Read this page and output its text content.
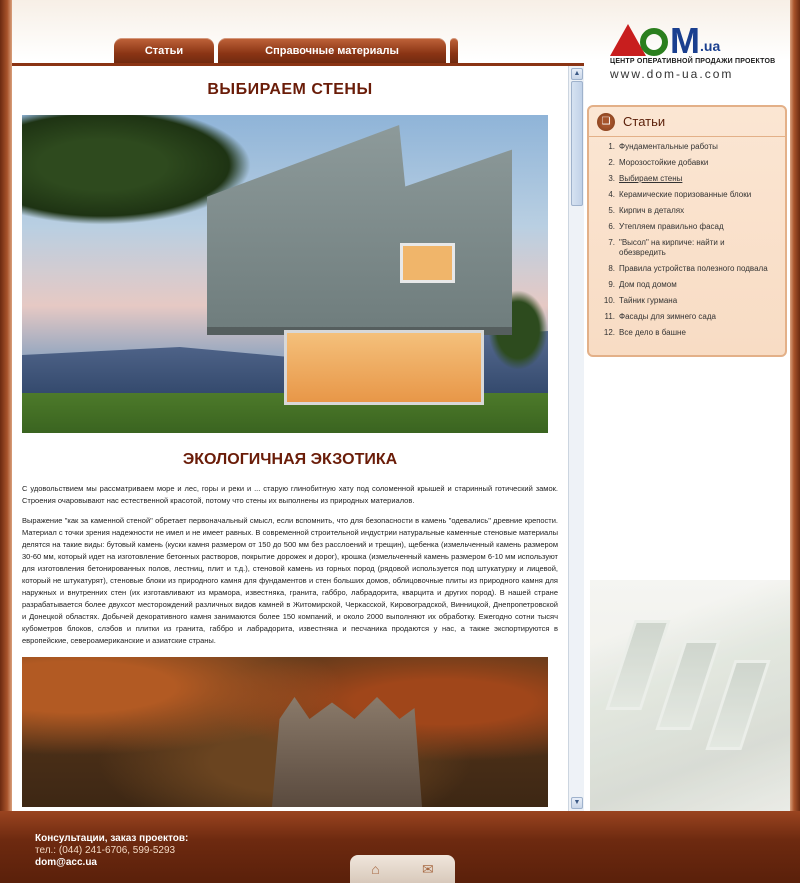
Статьи	Справочные материалы	М .ua
ЦЕНТР ОПЕРАТИВНОЙ ПРОДАЖИ ПРОЕКТОВ
www.dom-ua.com
ВЫБИРАЕМ СТЕНЫ
ЭКОЛОГИЧНАЯ ЭКЗОТИКА

С удовольствием мы рассматриваем море и лес, горы и реки и ... старую глинобитную хату под соломенной крышей и старинный готический замок. Строения очаровывают нас естественной красотой, потому что стены их выполнены из природных материалов.

Выражение "как за каменной стеной" обретает первоначальный смысл, если вспомнить, что для безопасности в камень "одевались" древние крепости. Материал с точки зрения надежности не имел и не имеет равных. В современной строительной индустрии натуральные каменные стеновые материалы делятся на такие виды: бутовый камень (куски камня размером от 150 до 500 мм без расслоений и трещин), щебенка (измельченный камень размером 30-60 мм, который идет на изготовление бетонных растворов, покрытие дорожек и дорог), крошка (измельченный камень размером 6-10 мм используют для изготовления бетонированных полов, лестниц, плит и т.д.), стеновой камень из горных пород (рядовой используется под штукатурку и лицевой, который не штукатурят), стеновые блоки из природного камня для фундаментов и стен больших домов, облицовочные плиты из природного камня для наружных и внутренних стен (их изготавливают из мрамора, известняка, гранита, габбро, лабрадорита, кварцита и других пород). В нашей стране разрабатывается более двухсот месторождений различных видов камней в Житомирской, Черкасской, Кировоградской, Винницкой, Днепропетровской и Донецкой областях. Добычей декоративного камня занимаются более 150 компаний, и около 2000 выполняют их обработку. Ежегодно сотни тысяч кубометров блоков, слэбов и плитки из гранита, габбро и лабрадорита, известняка и песчаника продаются у нас, а также экспортируются в европейские, североамериканские и азиатские страны.

▲
▼
❑ Статьи
1. Фундаментальные работы
2. Морозостойкие добавки
3. Выбираем стены
4. Керамические поризованные блоки
5. Кирпич в деталях
6. Утепляем правильно фасад
7. "Высол" на кирпиче: найти и обезвредить
8. Правила устройства полезного подвала
9. Дом под домом
10. Тайник гурмана
11. Фасады для зимнего сада
12. Все дело в башне
Консультации, заказ проектов:
тел.: (044) 241-6706, 599-5293
dom@acc.ua	⌂	✉
